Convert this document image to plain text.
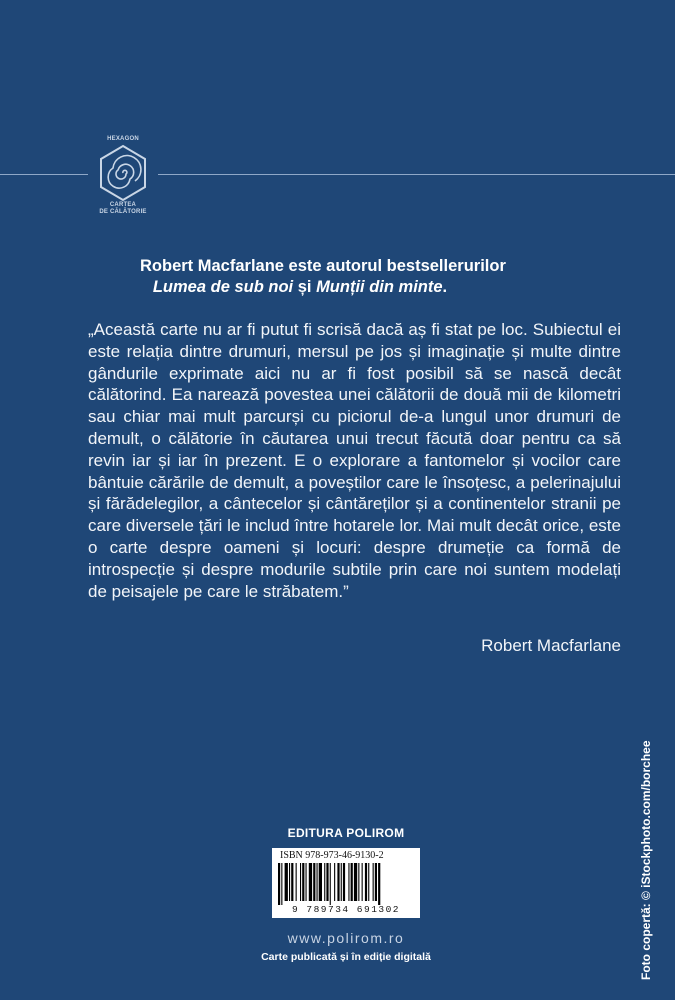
HEXAGON
CARTEA
DE CĂLĂTORIE
Robert Macfarlane este autorul bestsellerurilor
Lumea de sub noi și Munții din minte.
„Această carte nu ar fi putut fi scrisă dacă aș fi stat pe loc. Subiectul ei este relația dintre drumuri, mersul pe jos și imaginație și multe dintre gândurile exprimate aici nu ar fi fost posibil să se nască decât călătorind. Ea narează povestea unei călătorii de două mii de kilometri sau chiar mai mult parcurși cu piciorul de-a lungul unor drumuri de demult, o călătorie în căutarea unui trecut făcută doar pentru ca să revin iar și iar în prezent. E o explorare a fantomelor și vocilor care bântuie cărările de demult, a poveștilor care le însoțesc, a pelerinajului și fărădelegilor, a cântecelor și cântăreților și a continentelor stranii pe care diversele țări le includ între hotarele lor. Mai mult decât orice, este o carte despre oameni și locuri: despre drumeție ca formă de introspecție și despre modurile subtile prin care noi suntem modelați de peisajele pe care le străbatem.”
Robert Macfarlane
Foto copertă: © iStockphoto.com/borchee
EDITURA POLIROM
ISBN 978-973-46-9130-2
9 789734 691302
www.polirom.ro
Carte publicată și în ediție digitală
